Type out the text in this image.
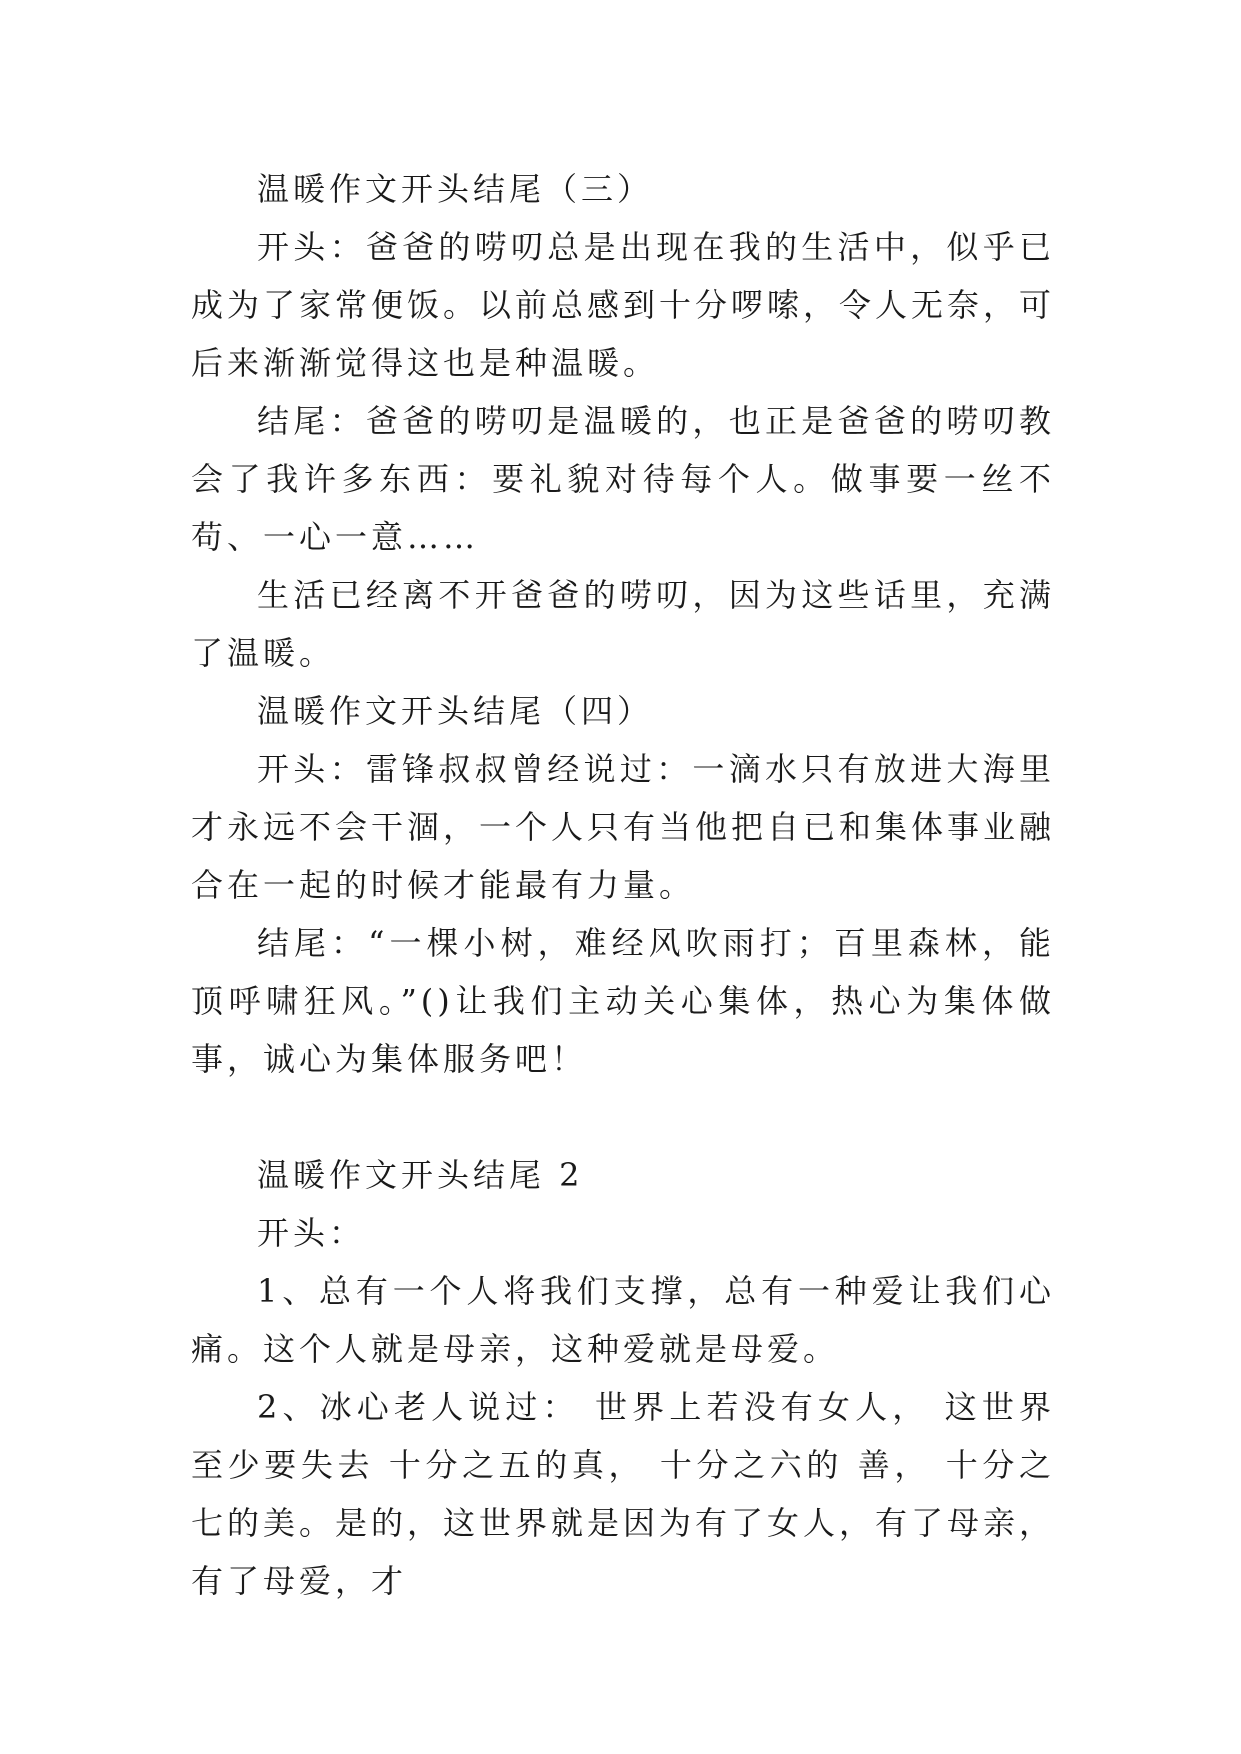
温暖作文开头结尾（三）

开头：爸爸的唠叨总是出现在我的生活中，似乎已成为了家常便饭。以前总感到十分啰嗦，令人无奈，可后来渐渐觉得这也是种温暖。

结尾：爸爸的唠叨是温暖的，也正是爸爸的唠叨教会了我许多东西：要礼貌对待每个人。做事要一丝不苟、一心一意……

生活已经离不开爸爸的唠叨，因为这些话里，充满了温暖。

温暖作文开头结尾（四）

开头：雷锋叔叔曾经说过：一滴水只有放进大海里才永远不会干涸，一个人只有当他把自已和集体事业融合在一起的时候才能最有力量。

结尾：“一棵小树，难经风吹雨打；百里森林，能顶呼啸狂风。”()让我们主动关心集体，热心为集体做事，诚心为集体服务吧！

温暖作文开头结尾 2

开头：

1、总有一个人将我们支撑，总有一种爱让我们心痛。这个人就是母亲，这种爱就是母爱。

2、冰心老人说过： 世界上若没有女人， 这世界至少要失去 十分之五的真， 十分之六的 善， 十分之七的美。是的，这世界就是因为有了女人，有了母亲，有了母爱，才
